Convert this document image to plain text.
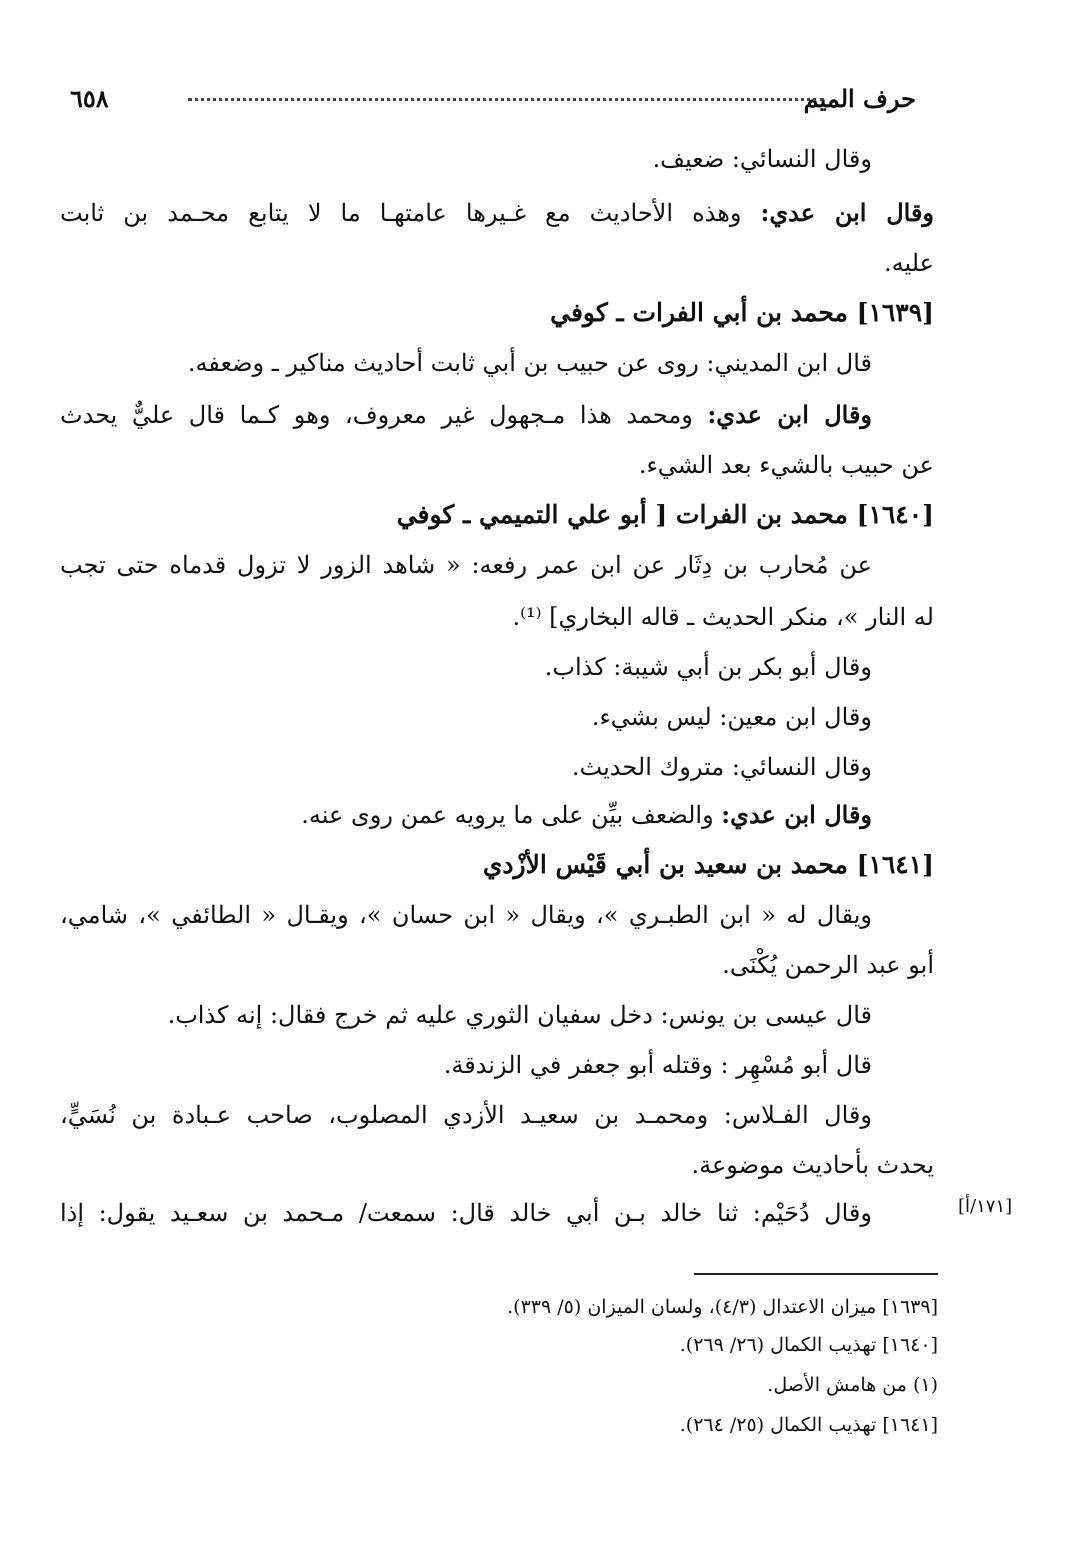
حرف الميم
٦٥٨
وقال النسائي: ضعيف.
وقال ابن عدي: وهذه الأحاديث مع غـيرها عامتهـا ما لا يتابع محـمد بن ثابت
عليه.
[١٦٣٩] محمد بن أبي الفرات ـ كوفي
قال ابن المديني: روى عن حبيب بن أبي ثابت أحاديث مناكير ـ وضعفه.
وقال ابن عدي: ومحمد هذا مـجهول غير معروف، وهو كـما قال عليٌّ يحدث
عن حبيب بالشيء بعد الشيء.
[١٦٤٠] محمد بن الفرات [ أبو علي التميمي ـ كوفي
عن مُحارب بن دِثَار عن ابن عمر رفعه: « شاهد الزور لا تزول قدماه حتى تجب
له النار »، منكر الحديث ـ قاله البخاري] ⁽¹⁾.
وقال أبو بكر بن أبي شيبة: كذاب.
وقال ابن معين: ليس بشيء.
وقال النسائي: متروك الحديث.
وقال ابن عدي: والضعف بيِّن على ما يرويه عمن روى عنه.
[١٦٤١] محمد بن سعيد بن أبي قَيْس الأزْدي
ويقال له « ابن الطبـري »، ويقال « ابن حسان »، ويقـال « الطائفي »، شامي،
أبو عبد الرحمن يُكْنَى.
قال عيسى بن يونس: دخل سفيان الثوري عليه ثم خرج فقال: إنه كذاب.
قال أبو مُسْهِر : وقتله أبو جعفر في الزندقة.
وقال الفـلاس: ومحمـد بن سعيـد الأزدي المصلوب، صاحب عـبادة بن نُسَيٍّ،
يحدث بأحاديث موضوعة.
وقال دُحَيْم: ثنا خالد بـن أبي خالد قال: سمعت/ مـحمد بن سعـيد يقول: إذا	[١٧١/أ]
[١٦٣٩] ميزان الاعتدال (٤/٣)، ولسان الميزان (٥/ ٣٣٩).
[١٦٤٠] تهذيب الكمال (٢٦/ ٢٦٩).
(١) من هامش الأصل.
[١٦٤١] تهذيب الكمال (٢٥/ ٢٦٤).
